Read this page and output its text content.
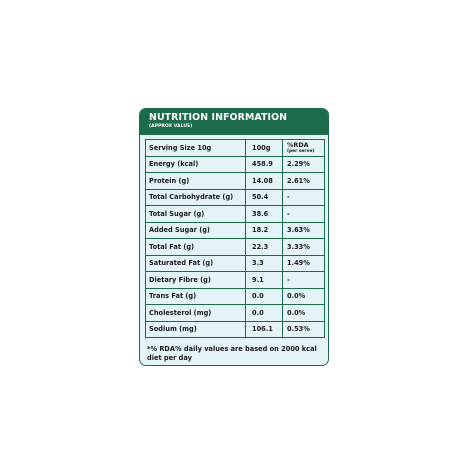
NUTRITION INFORMATION
(APPROX VALUE)
Serving Size 10g	100g	%RDA
(per serve)

Energy (kcal)	458.9	2.29%
Protein (g)	14.08	2.61%
Total Carbohydrate (g)	50.4	-
Total Sugar (g)	38.6	-
Added Sugar (g)	18.2	3.63%
Total Fat (g)	22.3	3.33%
Saturated Fat (g)	3.3	1.49%
Dietary Fibre (g)	9.1	-
Trans Fat (g)	0.0	0.0%
Cholesterol (mg)	0.0	0.0%
Sodium (mg)	106.1	0.53%
*% RDA% daily values are based on 2000 kcal diet per day
